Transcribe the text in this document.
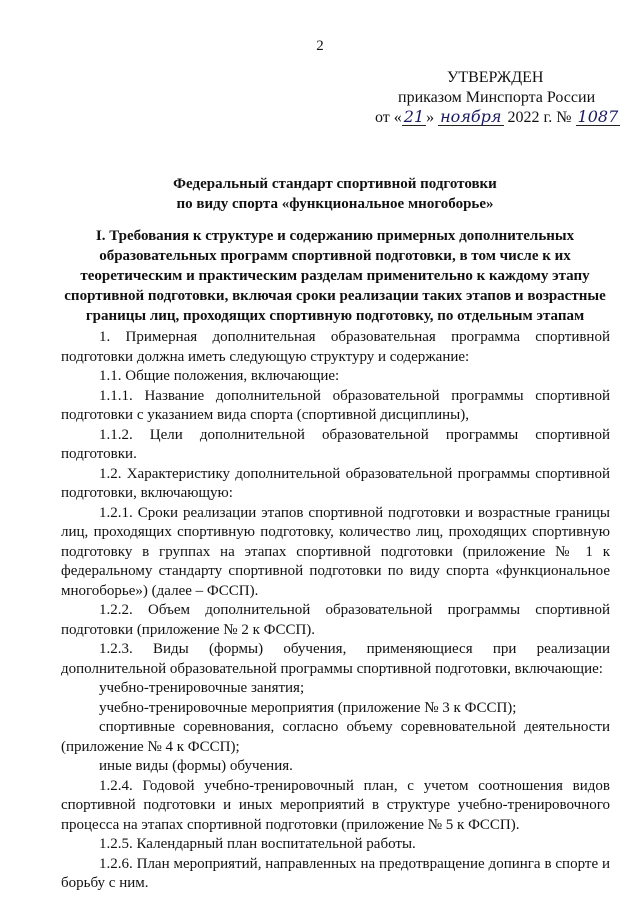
2
УТВЕРЖДЕН
приказом Минспорта России
от « 21 » ноября 2022 г. № 1087
Федеральный стандарт спортивной подготовки
по виду спорта «функциональное многоборье»
I. Требования к структуре и содержанию примерных дополнительных образовательных программ спортивной подготовки, в том числе к их теоретическим и практическим разделам применительно к каждому этапу спортивной подготовки, включая сроки реализации таких этапов и возрастные границы лиц, проходящих спортивную подготовку, по отдельным этапам

1. Примерная дополнительная образовательная программа спортивной подготовки должна иметь следующую структуру и содержание:

1.1. Общие положения, включающие:

1.1.1. Название дополнительной образовательной программы спортивной подготовки с указанием вида спорта (спортивной дисциплины),

1.1.2. Цели дополнительной образовательной программы спортивной подготовки.

1.2. Характеристику дополнительной образовательной программы спортивной подготовки, включающую:

1.2.1. Сроки реализации этапов спортивной подготовки и возрастные границы лиц, проходящих спортивную подготовку, количество лиц, проходящих спортивную подготовку в группах на этапах спортивной подготовки (приложение № 1 к федеральному стандарту спортивной подготовки по виду спорта «функциональное многоборье») (далее – ФССП).

1.2.2. Объем дополнительной образовательной программы спортивной подготовки (приложение № 2 к ФССП).

1.2.3. Виды (формы) обучения, применяющиеся при реализации дополнительной образовательной программы спортивной подготовки, включающие:

учебно-тренировочные занятия;

учебно-тренировочные мероприятия (приложение № 3 к ФССП);

спортивные соревнования, согласно объему соревновательной деятельности (приложение № 4 к ФССП);

иные виды (формы) обучения.

1.2.4. Годовой учебно-тренировочный план, с учетом соотношения видов спортивной подготовки и иных мероприятий в структуре учебно-тренировочного процесса на этапах спортивной подготовки (приложение № 5 к ФССП).

1.2.5. Календарный план воспитательной работы.

1.2.6. План мероприятий, направленных на предотвращение допинга в спорте и борьбу с ним.
